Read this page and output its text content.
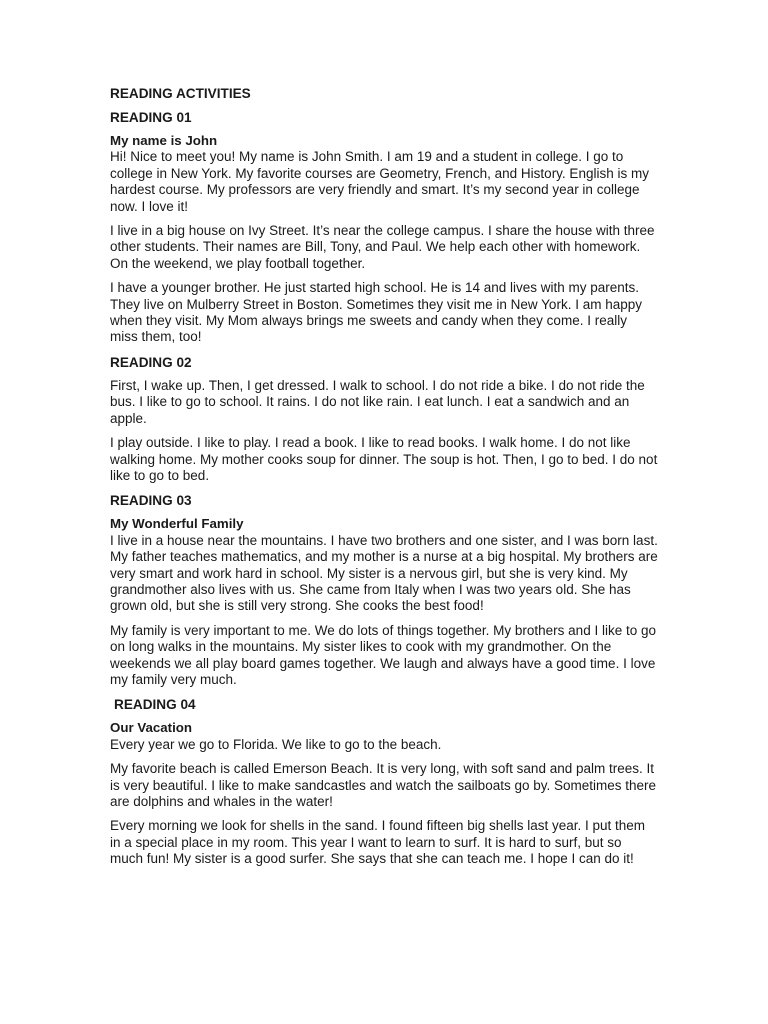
READING ACTIVITIES
READING 01
My name is John

Hi! Nice to meet you! My name is John Smith. I am 19 and a student in college. I go to college in New York. My favorite courses are Geometry, French, and History. English is my hardest course. My professors are very friendly and smart. It’s my second year in college now. I love it!

I live in a big house on Ivy Street. It’s near the college campus. I share the house with three other students. Their names are Bill, Tony, and Paul. We help each other with homework. On the weekend, we play football together.

I have a younger brother. He just started high school. He is 14 and lives with my parents. They live on Mulberry Street in Boston. Sometimes they visit me in New York. I am happy when they visit. My Mom always brings me sweets and candy when they come. I really miss them, too!

READING 02

First, I wake up. Then, I get dressed. I walk to school. I do not ride a bike. I do not ride the bus. I like to go to school. It rains. I do not like rain. I eat lunch. I eat a sandwich and an apple.

I play outside. I like to play. I read a book. I like to read books. I walk home. I do not like walking home. My mother cooks soup for dinner. The soup is hot. Then, I go to bed. I do not like to go to bed.

READING 03
My Wonderful Family

I live in a house near the mountains. I have two brothers and one sister, and I was born last. My father teaches mathematics, and my mother is a nurse at a big hospital. My brothers are very smart and work hard in school. My sister is a nervous girl, but she is very kind. My grandmother also lives with us. She came from Italy when I was two years old. She has grown old, but she is still very strong. She cooks the best food!

My family is very important to me. We do lots of things together. My brothers and I like to go on long walks in the mountains. My sister likes to cook with my grandmother. On the weekends we all play board games together. We laugh and always have a good time. I love my family very much.

READING 04
Our Vacation

Every year we go to Florida. We like to go to the beach.

My favorite beach is called Emerson Beach. It is very long, with soft sand and palm trees. It is very beautiful. I like to make sandcastles and watch the sailboats go by. Sometimes there are dolphins and whales in the water!

Every morning we look for shells in the sand. I found fifteen big shells last year. I put them in a special place in my room. This year I want to learn to surf. It is hard to surf, but so much fun! My sister is a good surfer. She says that she can teach me. I hope I can do it!
